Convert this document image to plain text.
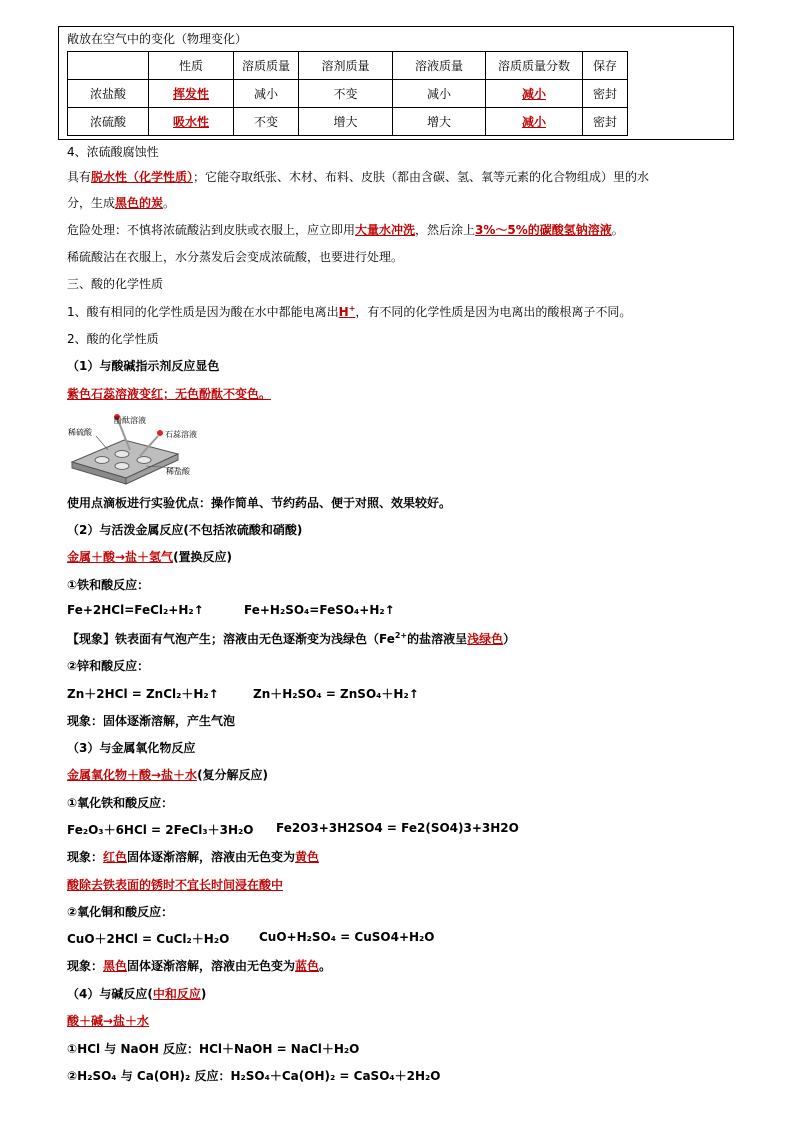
敞放在空气中的变化（物理变化）
	性质	溶质质量	溶剂质量	溶液质量	溶质质量分数	保存
浓盐酸	挥发性	减小	不变	减小	减小	密封
浓硫酸	吸水性	不变	增大	增大	减小	密封
4、浓硫酸腐蚀性
具有脱水性（化学性质）；它能夺取纸张、木材、布料、皮肤（都由含碳、氢、氧等元素的化合物组成）里的水
分，生成黑色的炭。
危险处理：不慎将浓硫酸沾到皮肤或衣服上，应立即用大量水冲洗，然后涂上3%～5%的碳酸氢钠溶液。
稀硫酸沾在衣服上，水分蒸发后会变成浓硫酸，也要进行处理。
三、酸的化学性质
1、酸有相同的化学性质是因为酸在水中都能电离出H+，有不同的化学性质是因为电离出的酸根离子不同。
2、酸的化学性质
（1）与酸碱指示剂反应显色
紫色石蕊溶液变红；无色酚酞不变色。
酚酞溶液
稀硫酸	石蕊溶液
稀盐酸
使用点滴板进行实验优点：操作简单、节约药品、便于对照、效果较好。
（2）与活泼金属反应(不包括浓硫酸和硝酸)
金属＋酸→盐＋氢气(置换反应)
①铁和酸反应：
Fe+2HCl=FeCl₂+H₂↑	Fe+H₂SO₄=FeSO₄+H₂↑
【现象】铁表面有气泡产生；溶液由无色逐渐变为浅绿色（$Fe^{2+}$的盐溶液呈浅绿色）
②锌和酸反应：
Zn＋2HCl = ZnCl₂＋H₂↑	Zn＋H₂SO₄ = ZnSO₄＋H₂↑
现象：固体逐渐溶解，产生气泡
（3）与金属氧化物反应
金属氧化物＋酸→盐＋水(复分解反应)
①氧化铁和酸反应：
Fe₂O₃＋6HCl = 2FeCl₃＋3H₂O Fe2O3+3H2SO4 = Fe2(SO4)3+3H2O
现象：红色固体逐渐溶解，溶液由无色变为黄色
酸除去铁表面的锈时不宜长时间浸在酸中
②氧化铜和酸反应：
CuO＋2HCl = CuCl₂＋H₂O CuO+H₂SO₄ = CuSO4+H₂O
现象：黑色固体逐渐溶解，溶液由无色变为蓝色。
（4）与碱反应(中和反应)
酸＋碱→盐＋水
①HCl 与 NaOH 反应：HCl＋NaOH = NaCl＋H₂O
②H₂SO₄ 与 Ca(OH)₂ 反应：H₂SO₄＋Ca(OH)₂ = CaSO₄＋2H₂O
